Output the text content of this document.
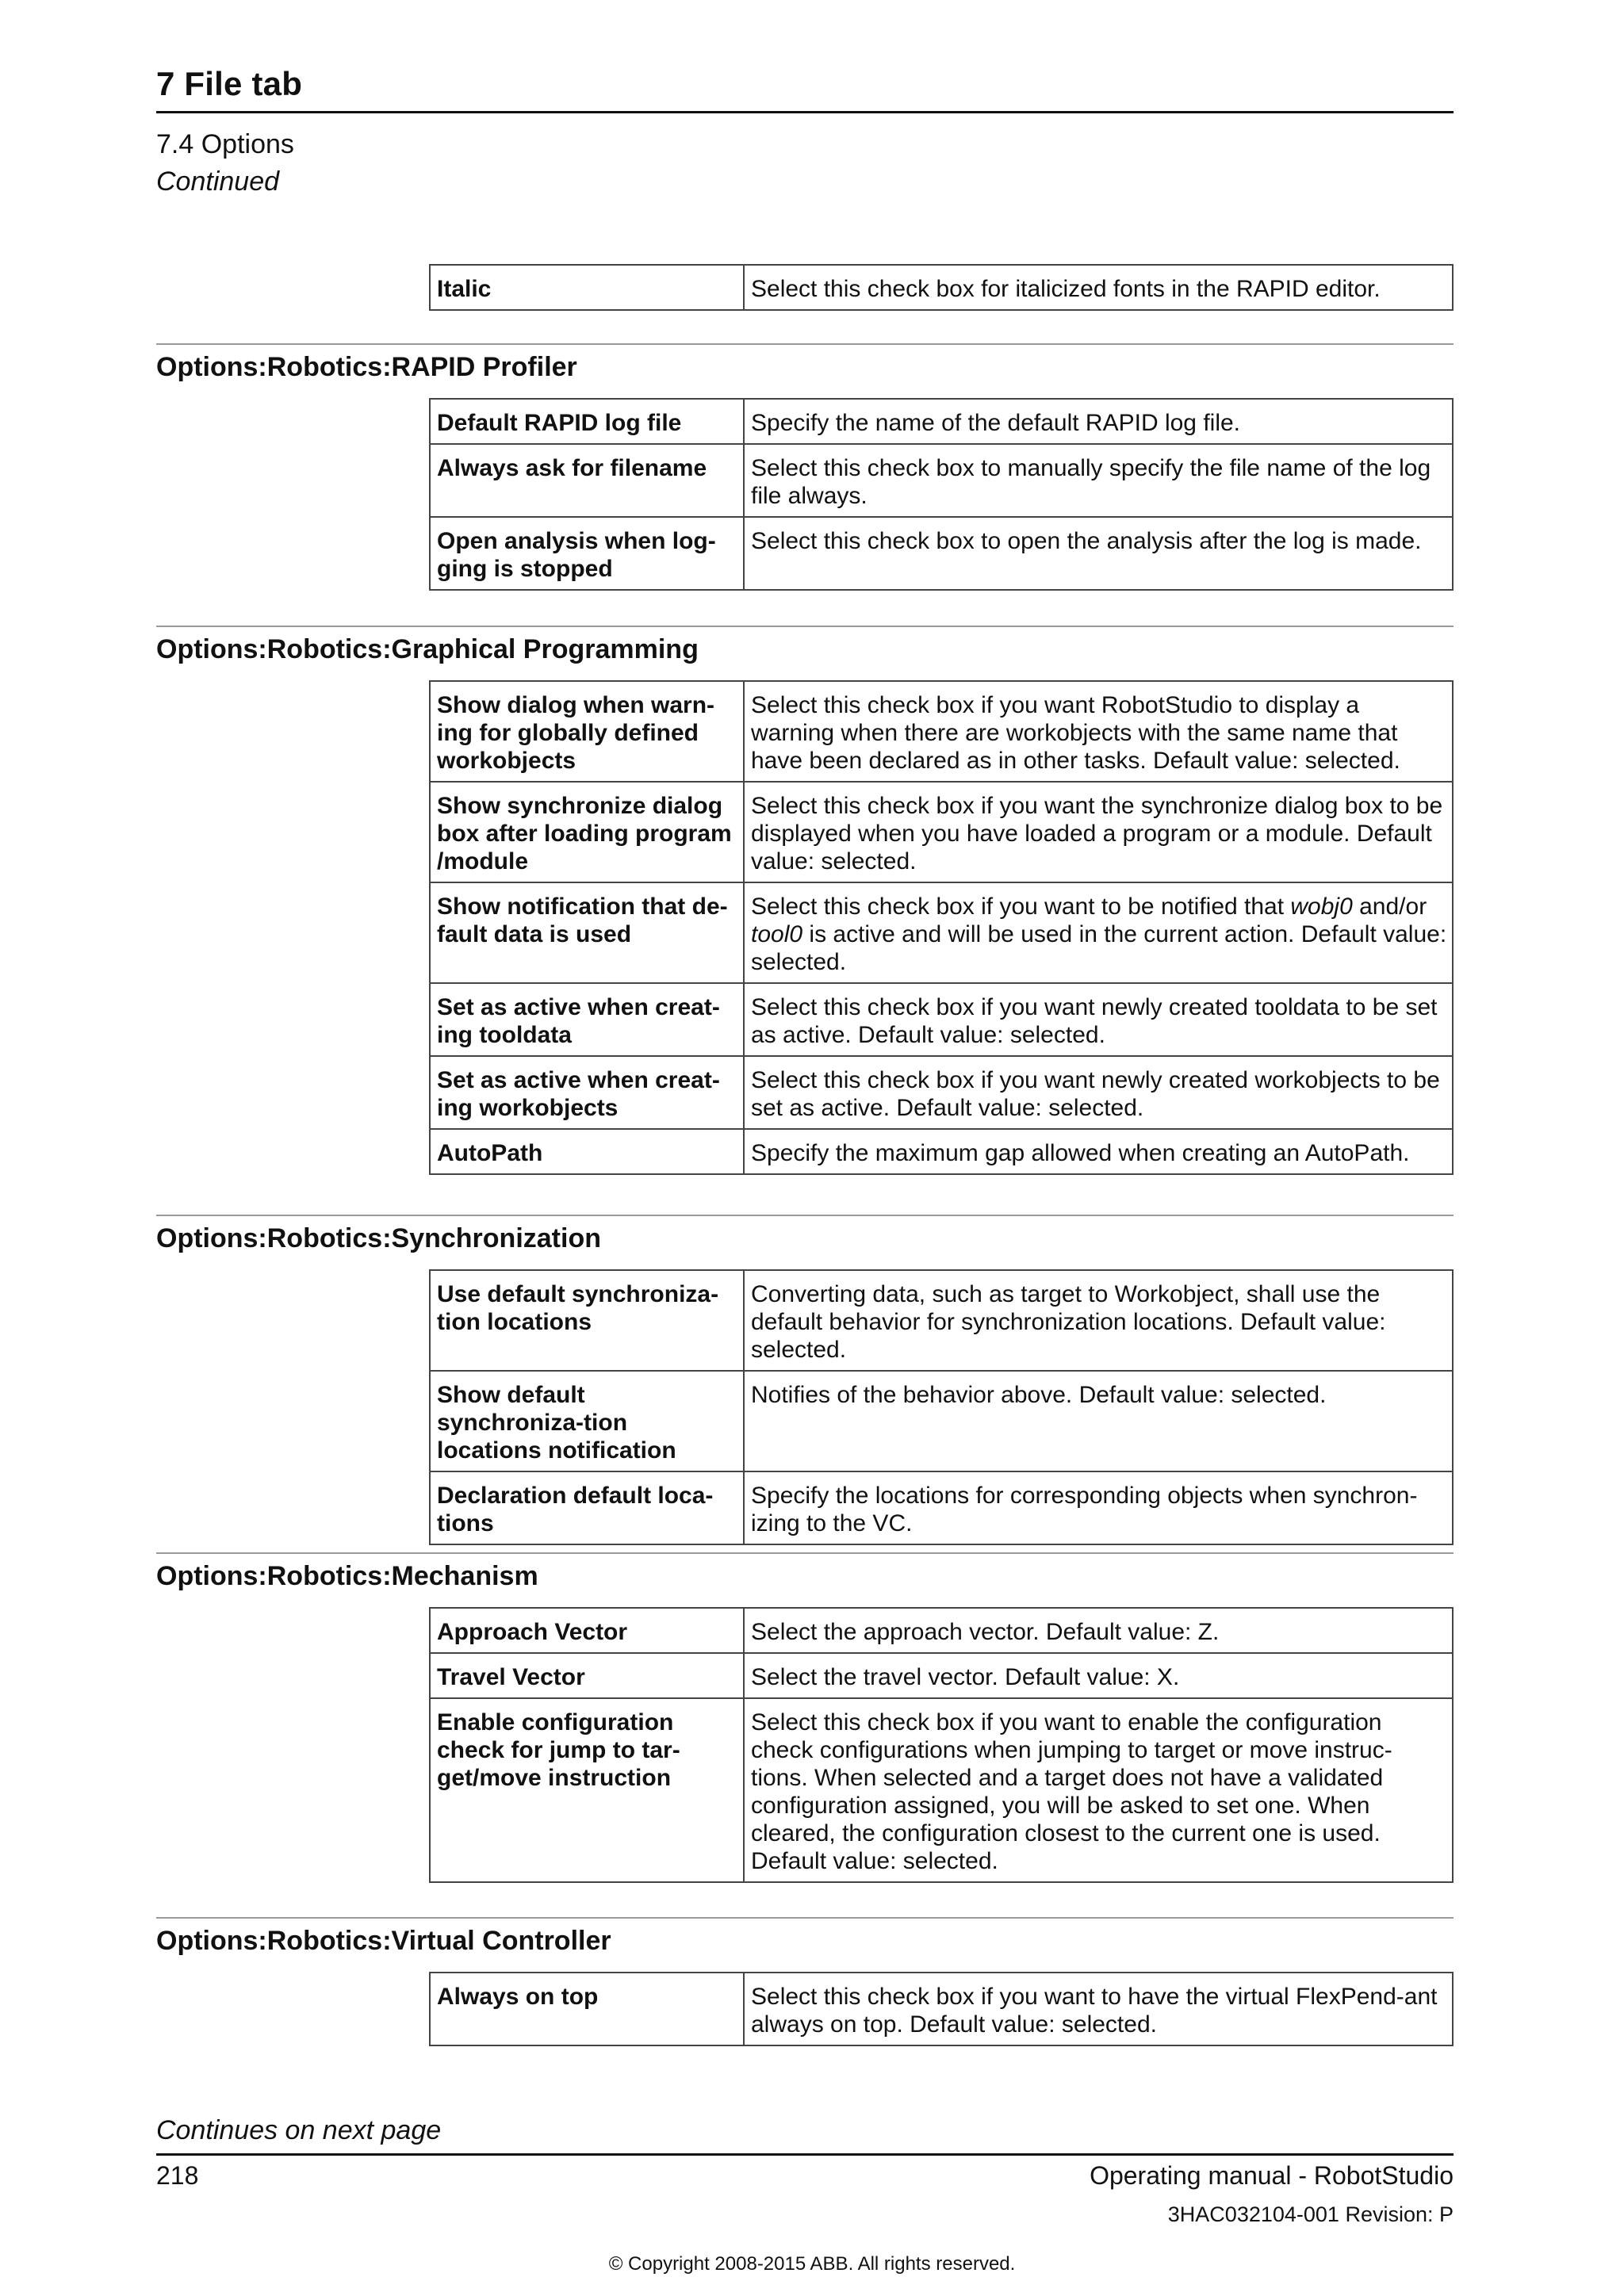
7 File tab
7.4 Options
Continued
Italic	Select this check box for italicized fonts in the RAPID editor.
Options:Robotics:RAPID Profiler
Default RAPID log file	Specify the name of the default RAPID log file.
Always ask for filename	Select this check box to manually specify the file name of the log file always.
Open analysis when log-ging is stopped	Select this check box to open the analysis after the log is made.
Options:Robotics:Graphical Programming
Show dialog when warn-ing for globally defined workobjects	Select this check box if you want RobotStudio to display a warning when there are workobjects with the same name that have been declared as in other tasks. Default value: selected.
Show synchronize dialog box after loading program /module	Select this check box if you want the synchronize dialog box to be displayed when you have loaded a program or a module. Default value: selected.
Show notification that de-fault data is used	Select this check box if you want to be notified that wobj0 and/or tool0 is active and will be used in the current action. Default value: selected.
Set as active when creat-ing tooldata	Select this check box if you want newly created tooldata to be set as active. Default value: selected.
Set as active when creat-ing workobjects	Select this check box if you want newly created workobjects to be set as active. Default value: selected.
AutoPath	Specify the maximum gap allowed when creating an AutoPath.
Options:Robotics:Synchronization
Use default synchroniza-tion locations	Converting data, such as target to Workobject, shall use the default behavior for synchronization locations. Default value: selected.
Show default synchroniza-tion locations notification	Notifies of the behavior above. Default value: selected.
Declaration default loca-tions	Specify the locations for corresponding objects when synchron-izing to the VC.
Options:Robotics:Mechanism
Approach Vector	Select the approach vector. Default value: Z.
Travel Vector	Select the travel vector. Default value: X.
Enable configuration check for jump to tar-get/move instruction	Select this check box if you want to enable the configuration check configurations when jumping to target or move instruc-tions. When selected and a target does not have a validated configuration assigned, you will be asked to set one. When cleared, the configuration closest to the current one is used. Default value: selected.
Options:Robotics:Virtual Controller
Always on top	Select this check box if you want to have the virtual FlexPend-ant always on top. Default value: selected.
Continues on next page
218	Operating manual - RobotStudio
3HAC032104-001 Revision: P
© Copyright 2008-2015 ABB. All rights reserved.
